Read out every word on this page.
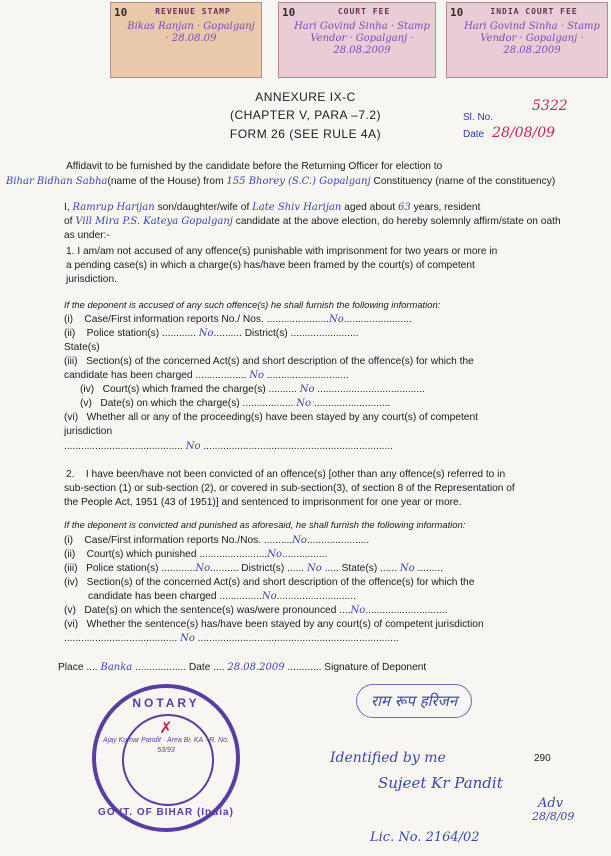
10	REVENUE STAMP
Bikas Ranjan · Gopalganj · 28.08.09
10	COURT FEE
Hari Govind Sinha · Stamp Vendor · Gopalganj · 28.08.2009
10	INDIA COURT FEE
Hari Govind Sinha · Stamp Vendor · Gopalganj · 28.08.2009
ANNEXURE IX-C
(CHAPTER V, PARA –7.2)
FORM 26 (SEE RULE 4A)
5322
Sl. No.
Date 28/08/09
Affidavit to be furnished by the candidate before the Returning Officer for election to
Bihar Bidhan Sabha(name of the House) from 155 Bhorey (S.C.) Gopalganj Constituency (name of the constituency)
I, Ramrup Harijan son/daughter/wife of Late Shiv Harijan aged about 63 years, resident
of Vill Mira P.S. Kateya Gopalganj candidate at the above election, do hereby solemnly affirm/state on oath
as under:-
1. I am/am not accused of any offence(s) punishable with imprisonment for two years or more in
a pending case(s) in which a charge(s) has/have been framed by the court(s) of competent
jurisdiction.
If the deponent is accused of any such offence(s) he shall furnish the following information:
(i) Case/First information reports No./ Nos. ......................No........................
(ii) Police station(s) ............ No.......... District(s) ........................
State(s)
(iii) Section(s) of the concerned Act(s) and short description of the offence(s) for which the
candidate has been charged .................. No .............................
(iv) Court(s) which framed the charge(s) .......... No ......................................
(v) Date(s) on which the charge(s) .................. No ...........................
(vi) Whether all or any of the proceeding(s) have been stayed by any court(s) of competent
jurisdiction
.......................................... No ...................................................................
2. I have been/have not been convicted of an offence(s) [other than any offence(s) referred to in
sub-section (1) or sub-section (2), or covered in sub-section(3), of section 8 of the Representation of
the People Act, 1951 (43 of 1951)] and sentenced to imprisonment for one year or more.
If the deponent is convicted and punished as aforesaid, he shall furnish the following information:
(i) Case/First information reports No./Nos. ..........No......................
(ii) Court(s) which punished ........................No................
(iii) Police station(s) ............No.......... District(s) ...... No ..... State(s) ...... No .........
(iv) Section(s) of the concerned Act(s) and short description of the offence(s) for which the
candidate has been charged ...............No............................
(v) Date(s) on which the sentence(s) was/were pronounced ....No.............................
(vi) Whether the sentence(s) has/have been stayed by any court(s) of competent jurisdiction
........................................ No .......................................................................
Place .... Banka .................. Date .... 28.08.2009 ............ Signature of Deponent
राम रूप हरिजन
NOTARY
✗
Ajay Kumar Pandit · Area Bi. KA · R. No. 53/93
GOVT. OF BIHAR (India)
Identified by me	290
Sujeet Kr Pandit
Adv
28/8/09
Lic. No. 2164/02
